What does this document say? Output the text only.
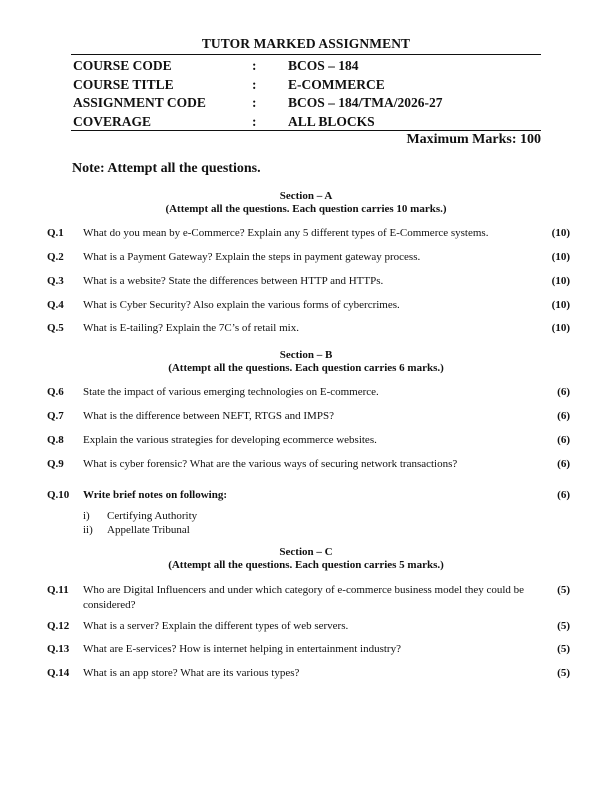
TUTOR MARKED ASSIGNMENT
COURSE CODE	: BCOS – 184
COURSE TITLE	: E-COMMERCE
ASSIGNMENT CODE	: BCOS – 184/TMA/2026-27
COVERAGE	: ALL BLOCKS
Maximum Marks: 100
Note: Attempt all the questions.
Section – A
(Attempt all the questions. Each question carries 10 marks.)
Q.1 What do you mean by e-Commerce? Explain any 5 different types of E-Commerce systems.	(10)
Q.2 What is a Payment Gateway? Explain the steps in payment gateway process.	(10)
Q.3 What is a website? State the differences between HTTP and HTTPs.	(10)
Q.4 What is Cyber Security? Also explain the various forms of cybercrimes.	(10)
Q.5 What is E-tailing? Explain the 7C’s of retail mix.	(10)
Section – B
(Attempt all the questions. Each question carries 6 marks.)
Q.6 State the impact of various emerging technologies on E-commerce.	(6)
Q.7 What is the difference between NEFT, RTGS and IMPS?	(6)
Q.8 Explain the various strategies for developing ecommerce websites.	(6)
Q.9 What is cyber forensic? What are the various ways of securing network transactions?	(6)
Q.10 Write brief notes on following:	(6)
i) Certifying Authority
ii) Appellate Tribunal
Section – C
(Attempt all the questions. Each question carries 5 marks.)
Q.11 Who are Digital Influencers and under which category of e-commerce business model they could be considered?
(5)
Q.12 What is a server? Explain the different types of web servers.	(5)
Q.13 What are E-services? How is internet helping in entertainment industry?	(5)
Q.14 What is an app store? What are its various types?	(5)
